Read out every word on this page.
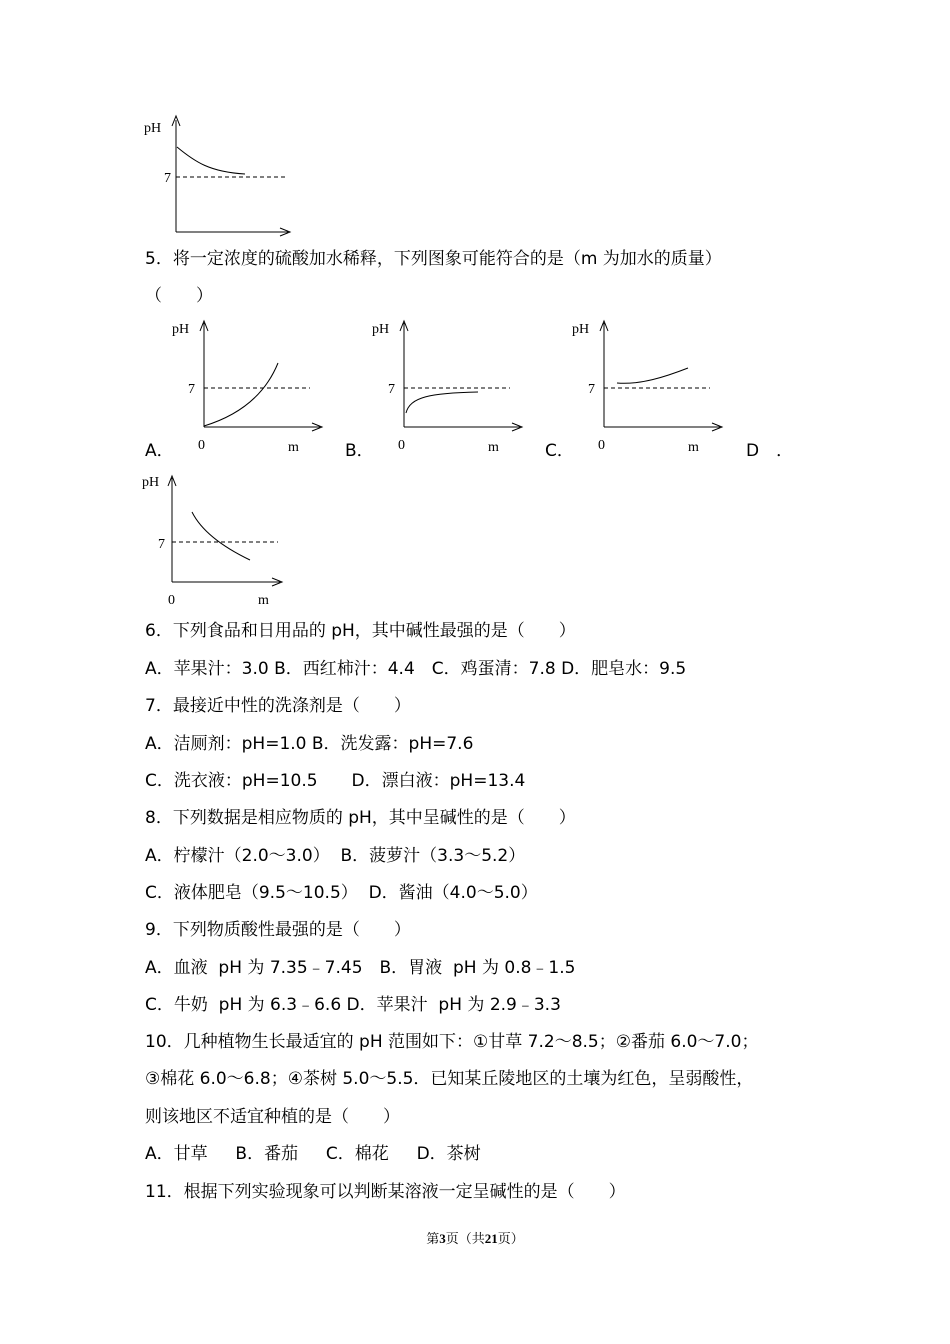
pH
7
5．将一定浓度的硫酸加水稀释，下列图象可能符合的是（m 为加水的质量）
（　　）
A．
pH
7
0	m	B．
pH
7
0	m	C．
pH
7
0	m	D　．
pH
7
0	m
6．下列食品和日用品的 pH，其中碱性最强的是（　　）
A．苹果汁：3.0 B．西红柿汁：4.4　C．鸡蛋清：7.8 D．肥皂水：9.5
7．最接近中性的洗涤剂是（　　）
A．洁厕剂：pH=1.0 B．洗发露：pH=7.6
C．洗衣液：pH=10.5　　D．漂白液：pH=13.4
8．下列数据是相应物质的 pH，其中呈碱性的是（　　）
A．柠檬汁（2.0～3.0）  B．菠萝汁（3.3～5.2）
C．液体肥皂（9.5～10.5）  D．酱油（4.0～5.0）
9．下列物质酸性最强的是（　　）
A．血液  pH 为 7.35﹣7.45　B．胃液  pH 为 0.8﹣1.5
C．牛奶  pH 为 6.3﹣6.6 D．苹果汁  pH 为 2.9﹣3.3
10．几种植物生长最适宜的 pH 范围如下：①甘草 7.2～8.5；②番茄 6.0～7.0；
③棉花 6.0～6.8；④茶树 5.0～5.5．已知某丘陵地区的土壤为红色，呈弱酸性，
则该地区不适宜种植的是（　　）
A．甘草　  B．番茄　  C．棉花　  D．茶树
11．根据下列实验现象可以判断某溶液一定呈碱性的是（　　）
第3页（共21页）
